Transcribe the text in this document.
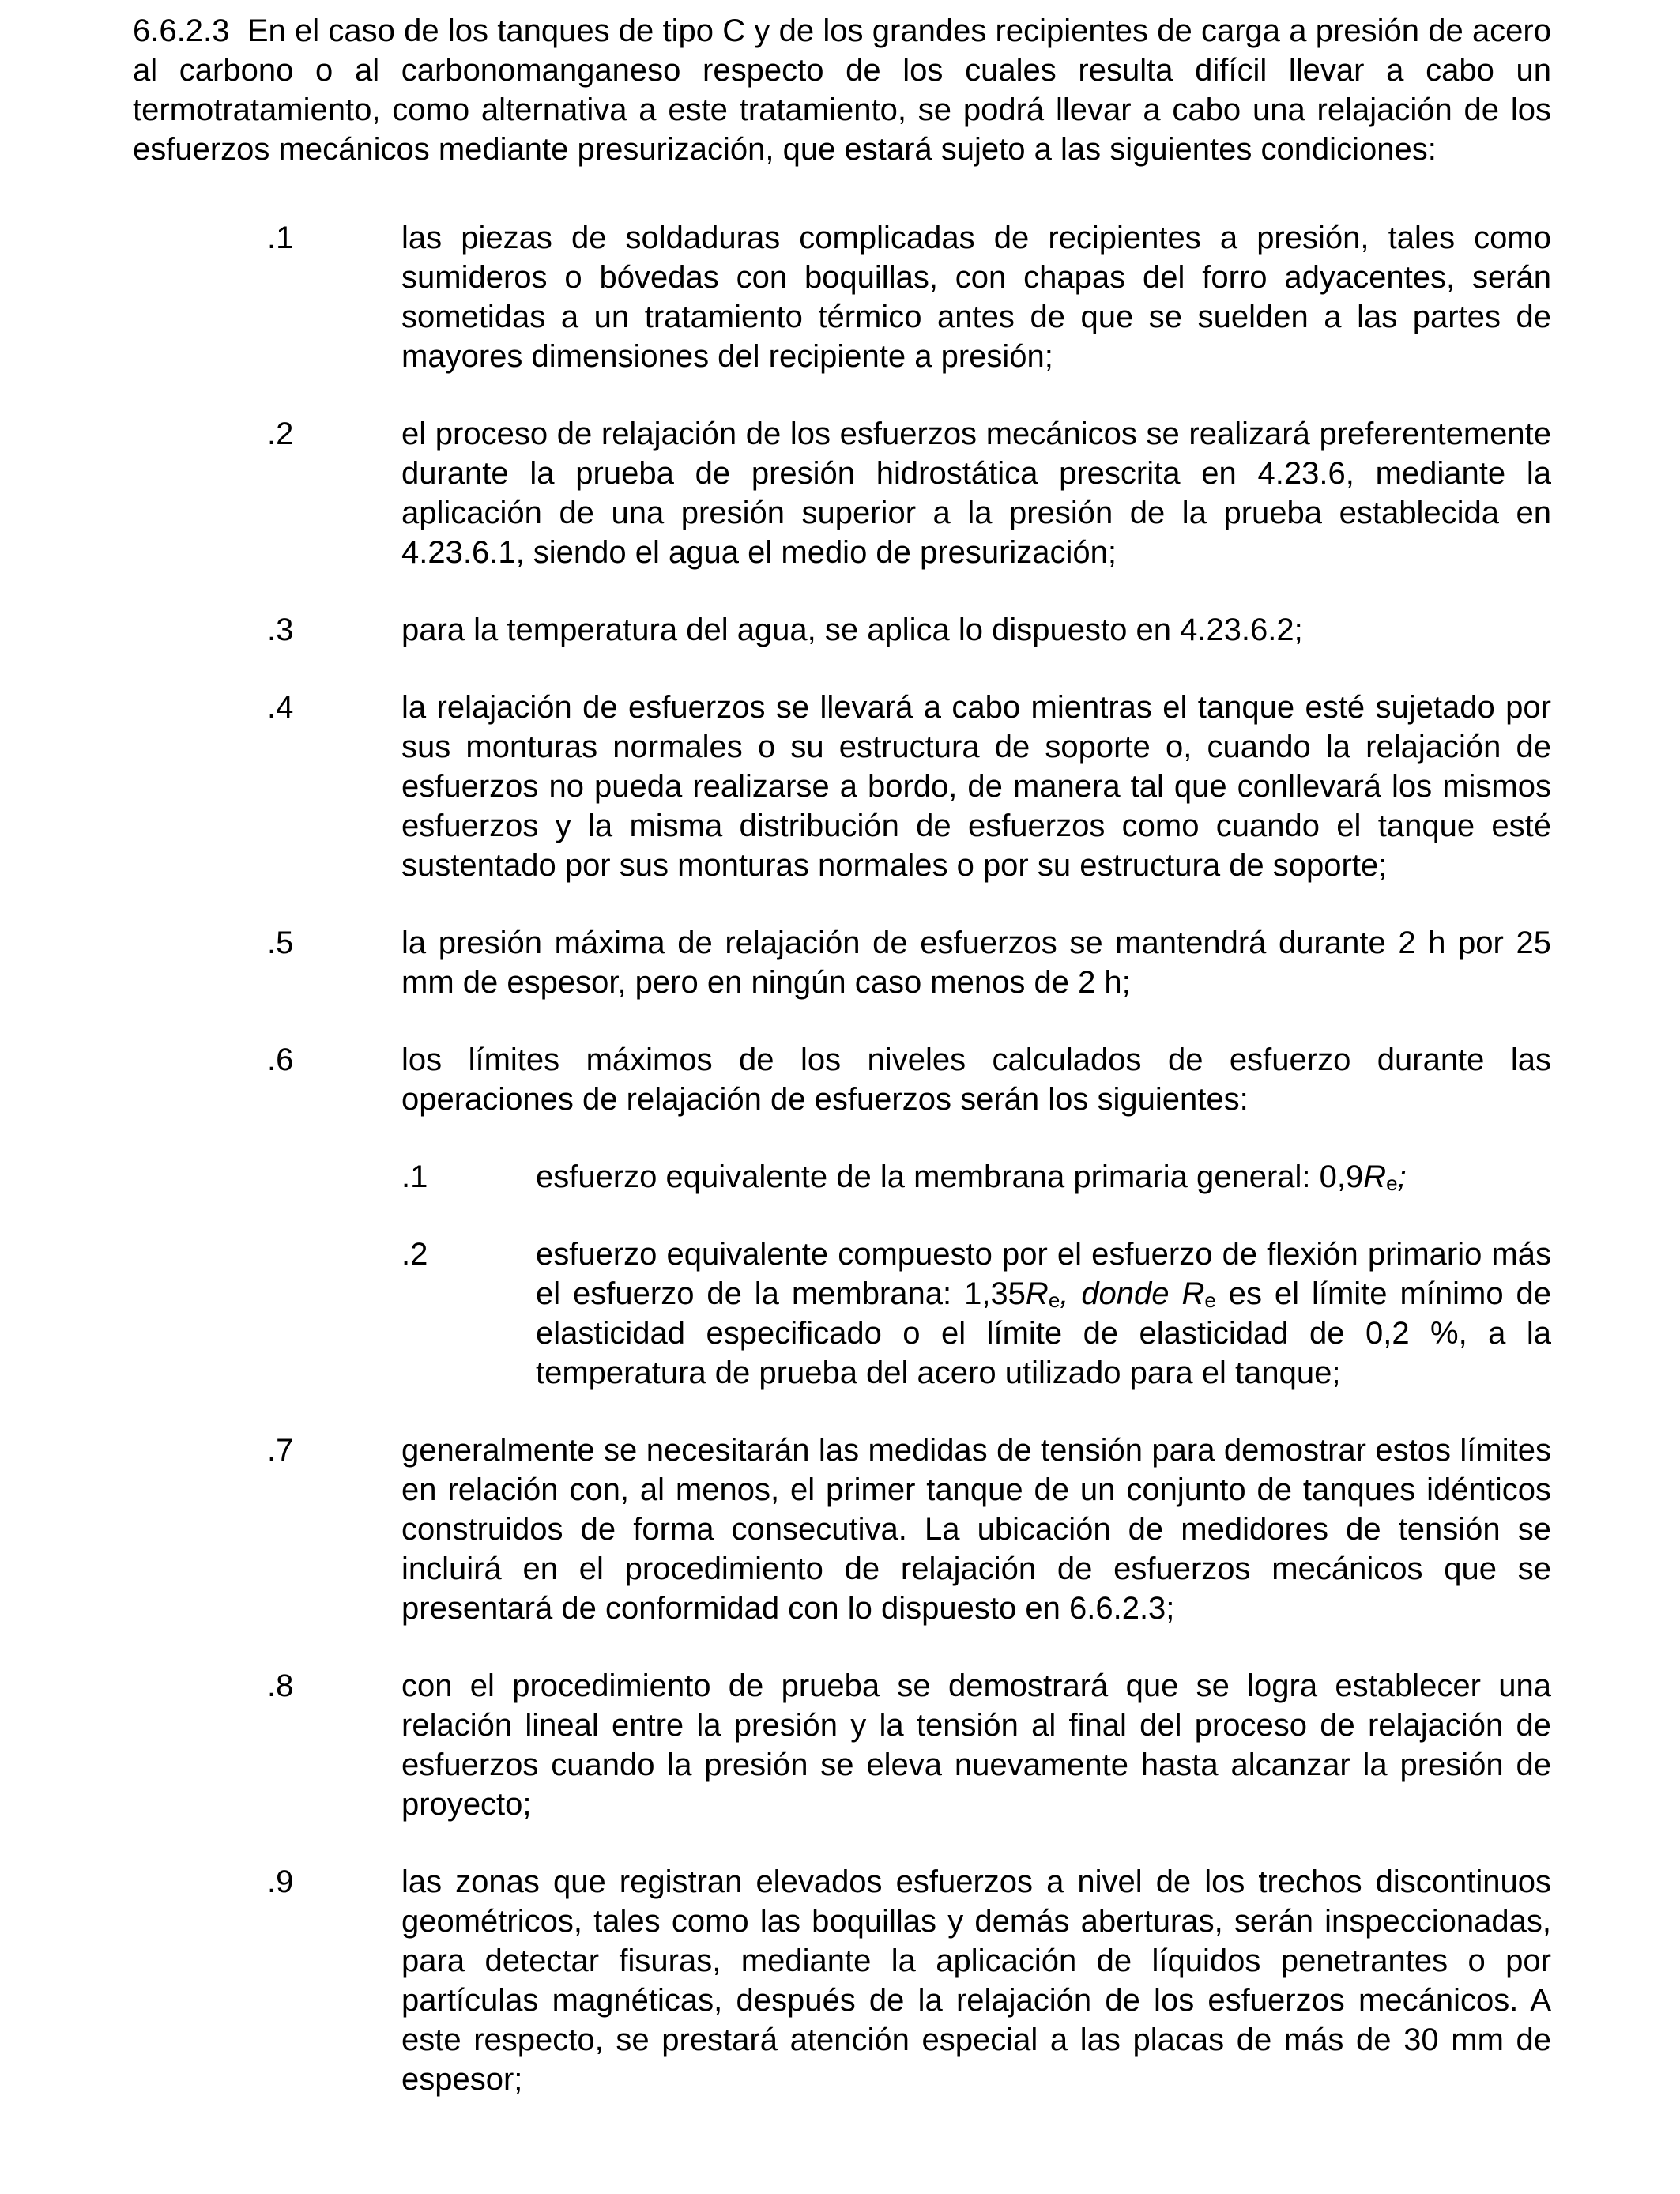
6.6.2.3 En el caso de los tanques de tipo C y de los grandes recipientes de carga a presión de acero al carbono o al carbonomanganeso respecto de los cuales resulta difícil llevar a cabo un termotratamiento, como alternativa a este tratamiento, se podrá llevar a cabo una relajación de los esfuerzos mecánicos mediante presurización, que estará sujeto a las siguientes condiciones:

.1	las piezas de soldaduras complicadas de recipientes a presión, tales como sumideros o bóvedas con boquillas, con chapas del forro adyacentes, serán sometidas a un tratamiento térmico antes de que se suelden a las partes de mayores dimensiones del recipiente a presión;
.2	el proceso de relajación de los esfuerzos mecánicos se realizará preferentemente durante la prueba de presión hidrostática prescrita en 4.23.6, mediante la aplicación de una presión superior a la presión de la prueba establecida en 4.23.6.1, siendo el agua el medio de presurización;
.3	para la temperatura del agua, se aplica lo dispuesto en 4.23.6.2;
.4	la relajación de esfuerzos se llevará a cabo mientras el tanque esté sujetado por sus monturas normales o su estructura de soporte o, cuando la relajación de esfuerzos no pueda realizarse a bordo, de manera tal que conllevará los mismos esfuerzos y la misma distribución de esfuerzos como cuando el tanque esté sustentado por sus monturas normales o por su estructura de soporte;
.5	la presión máxima de relajación de esfuerzos se mantendrá durante 2 h por 25 mm de espesor, pero en ningún caso menos de 2 h;
.6	los límites máximos de los niveles calculados de esfuerzo durante las operaciones de relajación de esfuerzos serán los siguientes:
.1	esfuerzo equivalente de la membrana primaria general: 0,9Re;
.2	esfuerzo equivalente compuesto por el esfuerzo de flexión primario más el esfuerzo de la membrana: 1,35Re, donde Re es el límite mínimo de elasticidad especificado o el límite de elasticidad de 0,2 %, a la temperatura de prueba del acero utilizado para el tanque;
.7	generalmente se necesitarán las medidas de tensión para demostrar estos límites en relación con, al menos, el primer tanque de un conjunto de tanques idénticos construidos de forma consecutiva. La ubicación de medidores de tensión se incluirá en el procedimiento de relajación de esfuerzos mecánicos que se presentará de conformidad con lo dispuesto en 6.6.2.3;
.8	con el procedimiento de prueba se demostrará que se logra establecer una relación lineal entre la presión y la tensión al final del proceso de relajación de esfuerzos cuando la presión se eleva nuevamente hasta alcanzar la presión de proyecto;
.9	las zonas que registran elevados esfuerzos a nivel de los trechos discontinuos geométricos, tales como las boquillas y demás aberturas, serán inspeccionadas, para detectar fisuras, mediante la aplicación de líquidos penetrantes o por partículas magnéticas, después de la relajación de los esfuerzos mecánicos. A este respecto, se prestará atención especial a las placas de más de 30 mm de espesor;
